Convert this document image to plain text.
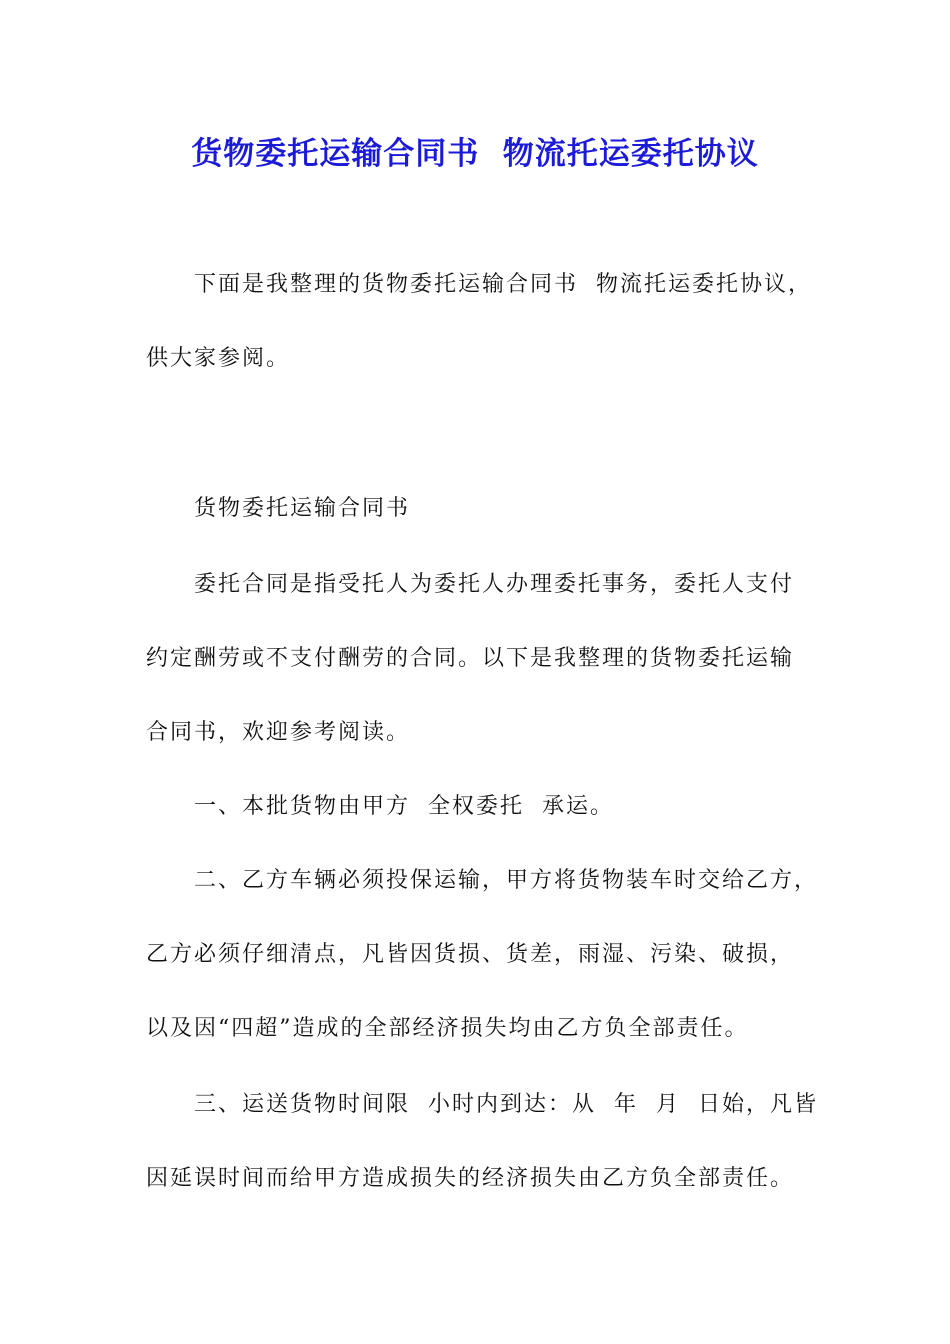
货物委托运输合同书  物流托运委托协议
下面是我整理的货物委托运输合同书  物流托运委托协议，
供大家参阅。
货物委托运输合同书
委托合同是指受托人为委托人办理委托事务，委托人支付
约定酬劳或不支付酬劳的合同。以下是我整理的货物委托运输
合同书，欢迎参考阅读。
一、本批货物由甲方  全权委托  承运。
二、乙方车辆必须投保运输，甲方将货物装车时交给乙方，
乙方必须仔细清点，凡皆因货损、货差，雨湿、污染、破损，
以及因“四超”造成的全部经济损失均由乙方负全部责任。
三、运送货物时间限  小时内到达：从  年  月  日始，凡皆
因延误时间而给甲方造成损失的经济损失由乙方负全部责任。
